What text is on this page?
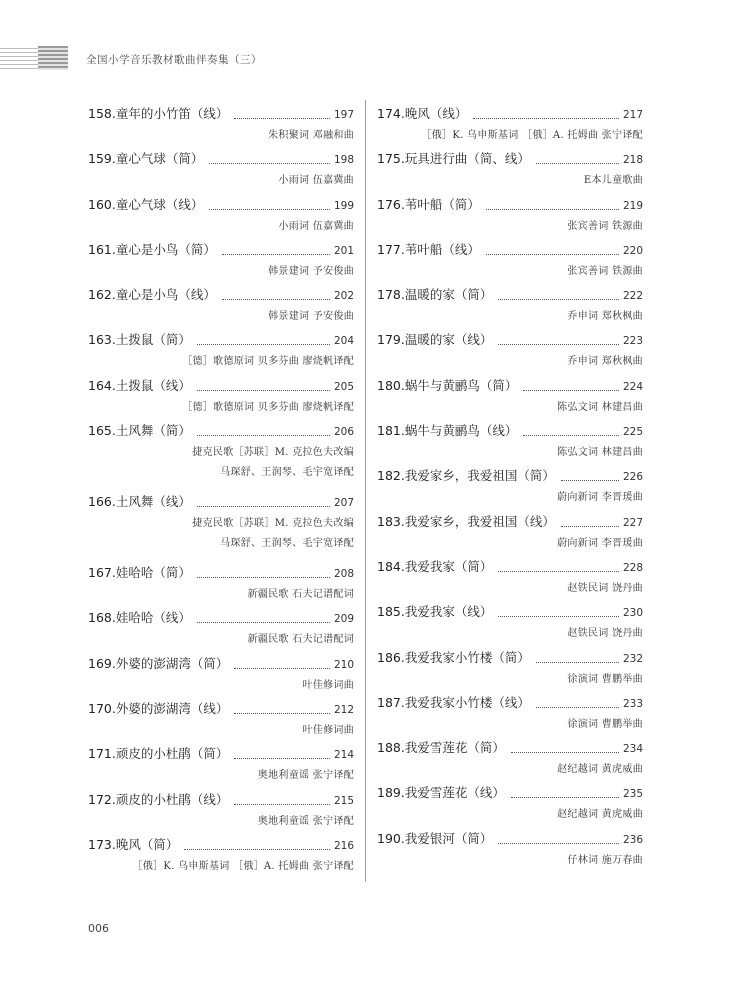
全国小学音乐教材歌曲伴奏集（三）
158. 童年的小竹笛（线）	197
朱积聚词 邓融和曲
159. 童心气球（简）	198
小雨词 伍嘉冀曲
160. 童心气球（线）	199
小雨词 伍嘉冀曲
161. 童心是小鸟（简）	201
韩景建词 予安俊曲
162. 童心是小鸟（线）	202
韩景建词 予安俊曲
163. 土拨鼠（简）	204
［德］歌德原词 贝多芬曲 廖烧帆译配
164. 土拨鼠（线）	205
［德］歌德原词 贝多芬曲 廖烧帆译配
165. 土风舞（简）	206
捷克民歌［苏联］M. 克拉色夫改编
马琛舒、王润琴、毛宇宽译配
166. 土风舞（线）	207
捷克民歌［苏联］M. 克拉色夫改编
马琛舒、王润琴、毛宇宽译配
167. 娃哈哈（简）	208
新疆民歌 石夫记谱配词
168. 娃哈哈（线）	209
新疆民歌 石夫记谱配词
169. 外婆的澎湖湾（简）	210
叶佳修词曲
170. 外婆的澎湖湾（线）	212
叶佳修词曲
171. 顽皮的小杜鹃（简）	214
奥地利童谣 张宁译配
172. 顽皮的小杜鹃（线）	215
奥地利童谣 张宁译配
173. 晚风（简）	216
［俄］K. 乌申斯基词 ［俄］A. 托姆曲 张宁译配
174. 晚风（线）	217
［俄］K. 乌申斯基词 ［俄］A. 托姆曲 张宁译配
175. 玩具进行曲（简、线）	218
E本儿童歌曲
176. 苇叶船（简）	219
张宾善词 铁源曲
177. 苇叶船（线）	220
张宾善词 铁源曲
178. 温暖的家（简）	222
乔申词 郑秋枫曲
179. 温暖的家（线）	223
乔申词 郑秋枫曲
180. 蜗牛与黄鹂鸟（简）	224
陈弘文词 林建昌曲
181. 蜗牛与黄鹂鸟（线）	225
陈弘文词 林建昌曲
182. 我爱家乡，我爱祖国（简）	226
蔚向新词 李晋瑗曲
183. 我爱家乡，我爱祖国（线）	227
蔚向新词 李晋瑗曲
184. 我爱我家（简）	228
赵铁民词 饶丹曲
185. 我爱我家（线）	230
赵铁民词 饶丹曲
186. 我爱我家小竹楼（简）	232
徐演词 曹鹏举曲
187. 我爱我家小竹楼（线）	233
徐演词 曹鹏举曲
188. 我爱雪莲花（简）	234
赵纪越词 黄虎威曲
189. 我爱雪莲花（线）	235
赵纪越词 黄虎威曲
190. 我爱银河（简）	236
仔林词 施万春曲
006
